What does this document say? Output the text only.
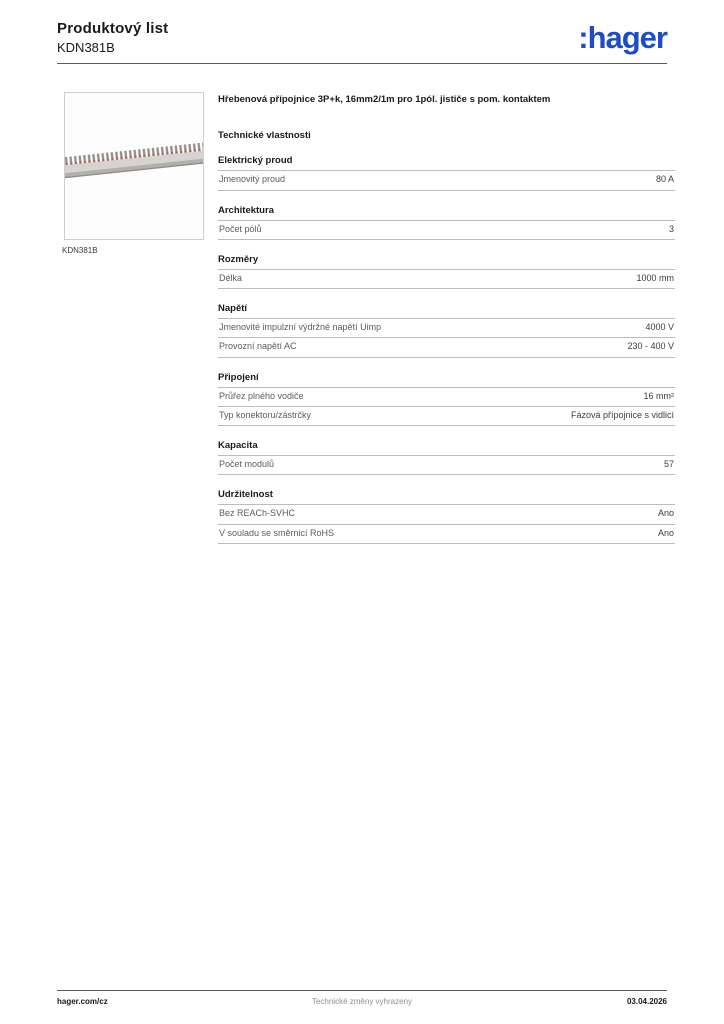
Produktový list
KDN381B	:hager
KDN381B
Hřebenová přípojnice 3P+k, 16mm2/1m pro 1pól. jističe s pom. kontaktem
Technické vlastnosti
Elektrický proud
Jmenovitý proud	80 A
Architektura
Počet pólů	3
Rozměry
Délka	1000 mm
Napětí
Jmenovité impulzní výdržné napětí Uimp	4000 V
Provozní napětí AC	230 - 400 V
Připojení
Průřez plného vodiče	16 mm²
Typ konektoru/zástrčky	Fázová přípojnice s vidlicí
Kapacita
Počet modulů	57
Udržitelnost
Bez REACh-SVHC	Ano
V souladu se směrnicí RoHS	Ano
hager.com/cz	Technické změny vyhrazeny	03.04.2026
